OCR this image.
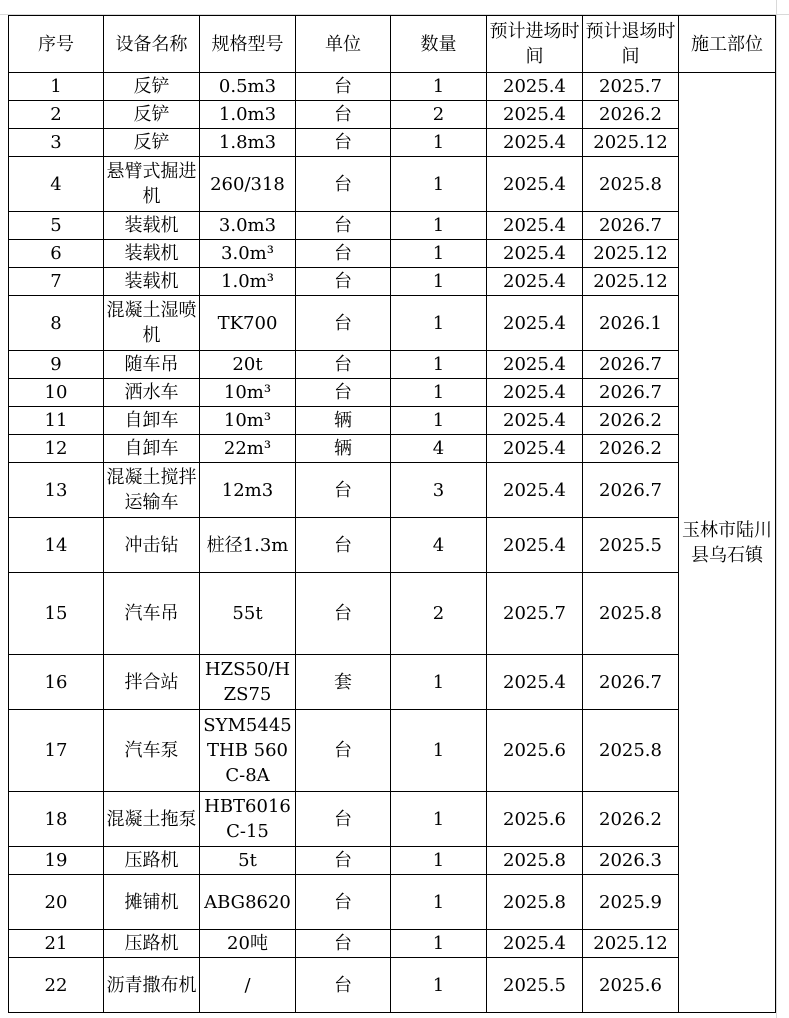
序号	设备名称	规格型号	单位	数量	预计进场时间	预计退场时间	施工部位
1	反铲	0.5m3	台	1	2025.4	2025.7	玉林市陆川县乌石镇
2	反铲	1.0m3	台	2	2025.4	2026.2	
3	反铲	1.8m3	台	1	2025.4	2025.12	
4	悬臂式掘进机	260/318	台	1	2025.4	2025.8	
5	装载机	3.0m3	台	1	2025.4	2026.7	
6	装载机	3.0m³	台	1	2025.4	2025.12	
7	装载机	1.0m³	台	1	2025.4	2025.12	
8	混凝土湿喷机	TK700	台	1	2025.4	2026.1	
9	随车吊	20t	台	1	2025.4	2026.7	
10	洒水车	10m³	台	1	2025.4	2026.7	
11	自卸车	10m³	辆	1	2025.4	2026.2	
12	自卸车	22m³	辆	4	2025.4	2026.2	
13	混凝土搅拌运输车	12m3	台	3	2025.4	2026.7	
14	冲击钻	桩径1.3m	台	4	2025.4	2025.5	
15	汽车吊	55t	台	2	2025.7	2025.8	
16	拌合站	HZS50/HZS75	套	1	2025.4	2026.7	
17	汽车泵	SYM5445THB 560C-8A	台	1	2025.6	2025.8	
18	混凝土拖泵	HBT6016C-15	台	1	2025.6	2026.2	
19	压路机	5t	台	1	2025.8	2026.3	
20	摊铺机	ABG8620	台	1	2025.8	2025.9	
21	压路机	20吨	台	1	2025.4	2025.12	
22	沥青撒布机	/	台	1	2025.5	2025.6	
